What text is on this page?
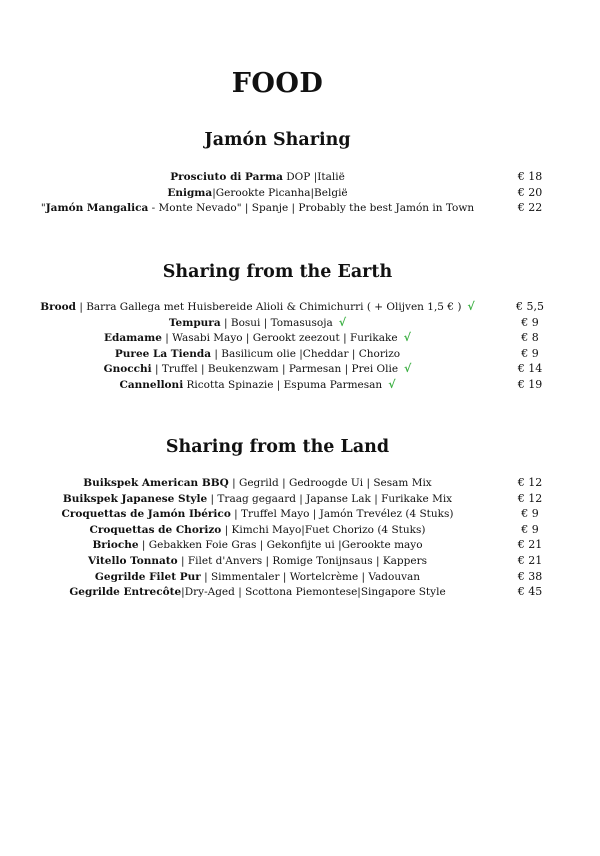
FOOD
Jamón Sharing
Prosciuto di Parma DOP |Italië	€ 18
Enigma|Gerookte Picanha|België	€ 20
"Jamón Mangalica - Monte Nevado" | Spanje | Probably the best Jamón in Town	€ 22
Sharing from the Earth
Brood | Barra Gallega met Huisbereide Alioli & Chimichurri ( + Olijven 1,5 € ) √	€ 5,5
Tempura | Bosui | Tomasusoja √	€ 9
Edamame | Wasabi Mayo | Gerookt zeezout | Furikake √	€ 8
Puree La Tienda | Basilicum olie |Cheddar | Chorizo	€ 9
Gnocchi | Truffel | Beukenzwam | Parmesan | Prei Olie √	€ 14
Cannelloni Ricotta Spinazie | Espuma Parmesan √	€ 19
Sharing from the Land
Buikspek American BBQ | Gegrild | Gedroogde Ui | Sesam Mix	€ 12
Buikspek Japanese Style | Traag gegaard | Japanse Lak | Furikake Mix	€ 12
Croquettas de Jamón Ibérico | Truffel Mayo | Jamón Trevélez (4 Stuks)	€ 9
Croquettas de Chorizo | Kimchi Mayo|Fuet Chorizo (4 Stuks)	€ 9
Brioche | Gebakken Foie Gras | Gekonfijte ui |Gerookte mayo	€ 21
Vitello Tonnato | Filet d'Anvers | Romige Tonijnsaus | Kappers	€ 21
Gegrilde Filet Pur | Simmentaler | Wortelcrème | Vadouvan	€ 38
Gegrilde Entrecôte|Dry-Aged | Scottona Piemontese|Singapore Style	€ 45
